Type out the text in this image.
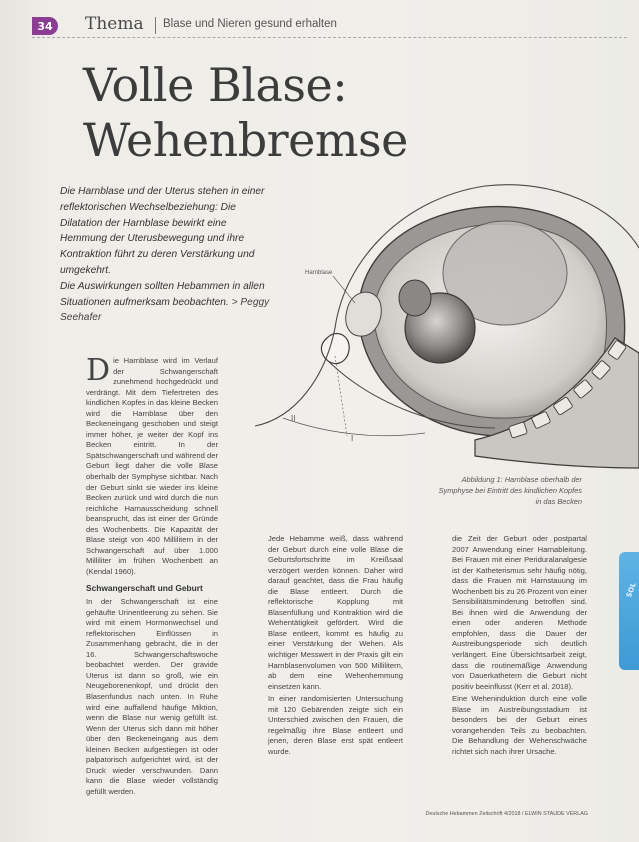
34 Thema Blase und Nieren gesund erhalten
Volle Blase:
Wehenbremse

Die Harnblase und der Uterus stehen in einer reflektorischen Wechselbeziehung: Die Dilatation der Harnblase bewirkt eine Hemmung der Uterusbewegung und ihre Kontraktion führt zu deren Verstärkung und umgekehrt.

Die Auswirkungen sollten Hebammen in allen Situationen aufmerksam beobachten. > Peggy Seehafer

Harnblase
II
I
Abbildung 1: Harnblase oberhalb der Symphyse bei Eintritt des kindlichen Kopfes in das Becken

Die Harnblase wird im Verlauf der Schwangerschaft zunehmend hochgedrückt und verdrängt. Mit dem Tiefertreten des kindlichen Kopfes in das kleine Becken wird die Harnblase über den Beckeneingang geschoben und steigt immer höher, je weiter der Kopf ins Becken eintritt. In der Spätschwangerschaft und während der Geburt liegt daher die volle Blase oberhalb der Symphyse sichtbar. Nach der Geburt sinkt sie wieder ins kleine Becken zurück und wird durch die nun reichliche Harnausscheidung schnell beansprucht, das ist einer der Gründe des Wochenbetts. Die Kapazität der Blase steigt von 400 Millilitern in der Schwangerschaft auf über 1.000 Milliliter im frühen Wochenbett an (Kendal 1960).

Schwangerschaft und Geburt

In der Schwangerschaft ist eine gehäufte Urinentleerung zu sehen. Sie wird mit einem Hormonwechsel und reflektorischen Einflüssen in Zusammenhang gebracht, die in der 16. Schwangerschaftswoche beobachtet werden. Der gravide Uterus ist dann so groß, wie ein Neugeborenenkopf, und drückt den Blasenfundus nach unten. In Ruhe wird eine auffallend häufige Miktion, wenn die Blase nur wenig gefüllt ist. Wenn der Uterus sich dann mit höher über den Beckeneingang aus dem kleinen Becken aufgestiegen ist oder palpatorisch aufgerichtet wird, ist der Druck wieder verschwunden. Dann kann die Blase wieder vollständig gefüllt werden.

Jede Hebamme weiß, dass während der Geburt durch eine volle Blase die Geburtsfortschritte im Kreißsaal verzögert werden können. Daher wird darauf geachtet, dass die Frau häufig die Blase entleert. Durch die reflektorische Kopplung mit Blasenfüllung und Kontraktion wird die Wehentätigkeit gefördert. Wird die Blase entleert, kommt es häufig zu einer Verstärkung der Wehen. Als wichtiger Messwert in der Praxis gilt ein Harnblasenvolumen von 500 Millilitern, ab dem eine Wehenhemmung einsetzen kann.

In einer randomisierten Untersuchung mit 120 Gebärenden zeigte sich ein Unterschied zwischen den Frauen, die regelmäßig ihre Blase entleert und jenen, deren Blase erst spät entleert wurde.

die Zeit der Geburt oder postpartal 2007 Anwendung einer Harnableitung. Bei Frauen mit einer Periduralanalgesie ist der Katheterismus sehr häufig nötig, dass die Frauen mit Harnstauung im Wochenbett bis zu 26 Prozent von einer Sensibilitätsminderung betroffen sind. Bei ihnen wird die Anwendung der einen oder anderen Methode empfohlen, dass die Dauer der Austreibungsperiode sich deutlich verlängert. Eine Übersichtsarbeit zeigt, dass die routinemäßige Anwendung von Dauerkathetern die Geburt nicht positiv beeinflusst (Kerr et al. 2018).

Eine Weheninduktion durch eine volle Blase im Austreibungsstadium ist besonders bei der Geburt eines vorangehenden Teils zu beobachten. Die Behandlung der Wehenschwäche richtet sich nach ihrer Ursache.

Deutsche Hebammen Zeitschrift 4/2018 / ELWIN STAUDE VERLAG
SOL
